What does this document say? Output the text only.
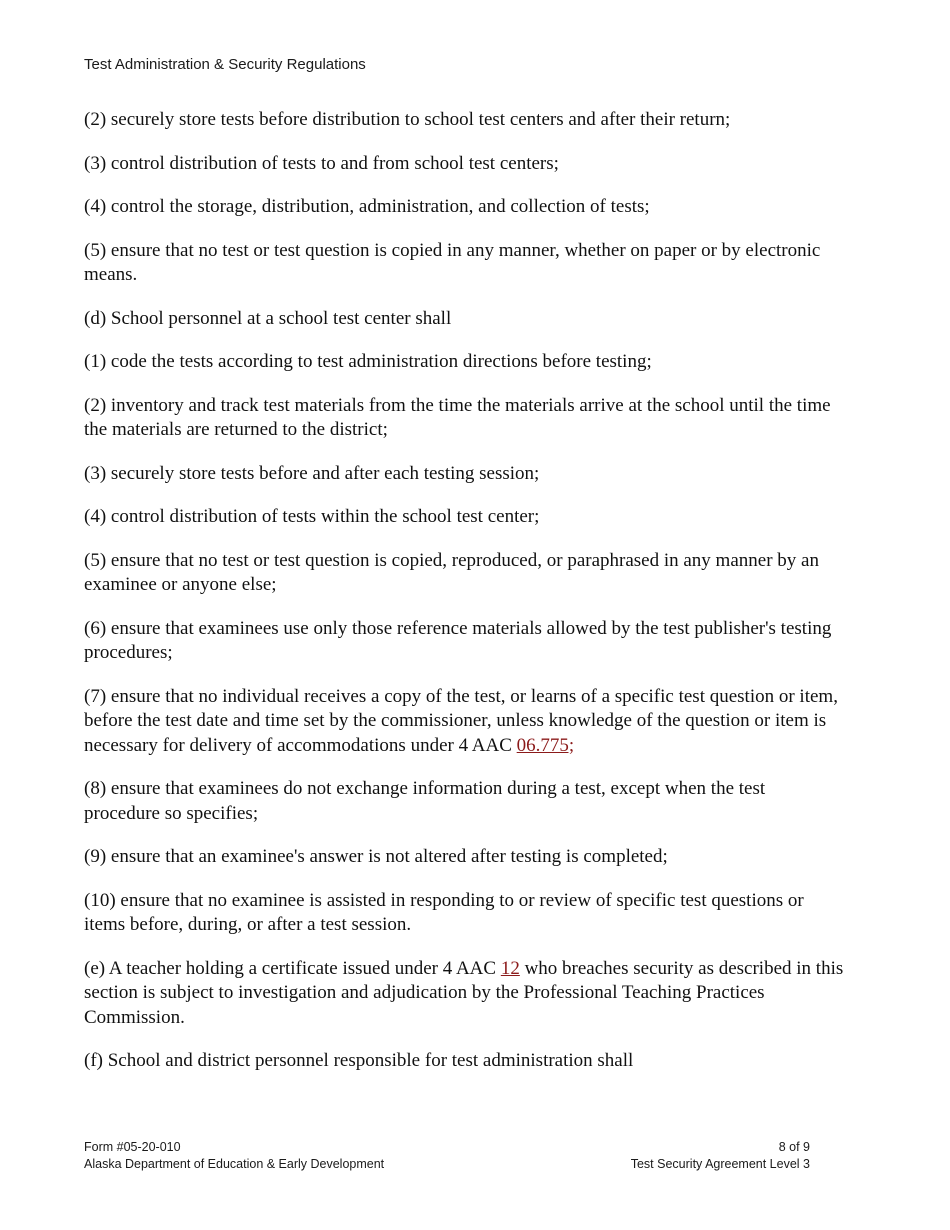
Test Administration & Security Regulations

(2) securely store tests before distribution to school test centers and after their return;

(3) control distribution of tests to and from school test centers;

(4) control the storage, distribution, administration, and collection of tests;

(5) ensure that no test or test question is copied in any manner, whether on paper or by electronic means.

(d) School personnel at a school test center shall

(1) code the tests according to test administration directions before testing;

(2) inventory and track test materials from the time the materials arrive at the school until the time the materials are returned to the district;

(3) securely store tests before and after each testing session;

(4) control distribution of tests within the school test center;

(5) ensure that no test or test question is copied, reproduced, or paraphrased in any manner by an examinee or anyone else;

(6) ensure that examinees use only those reference materials allowed by the test publisher's testing procedures;

(7) ensure that no individual receives a copy of the test, or learns of a specific test question or item, before the test date and time set by the commissioner, unless knowledge of the question or item is necessary for delivery of accommodations under 4 AAC 06.775;

(8) ensure that examinees do not exchange information during a test, except when the test procedure so specifies;

(9) ensure that an examinee's answer is not altered after testing is completed;

(10) ensure that no examinee is assisted in responding to or review of specific test questions or items before, during, or after a test session.

(e) A teacher holding a certificate issued under 4 AAC 12 who breaches security as described in this section is subject to investigation and adjudication by the Professional Teaching Practices Commission.

(f) School and district personnel responsible for test administration shall

Form #05-20-010
Alaska Department of Education & Early Development
8 of 9
Test Security Agreement Level 3
